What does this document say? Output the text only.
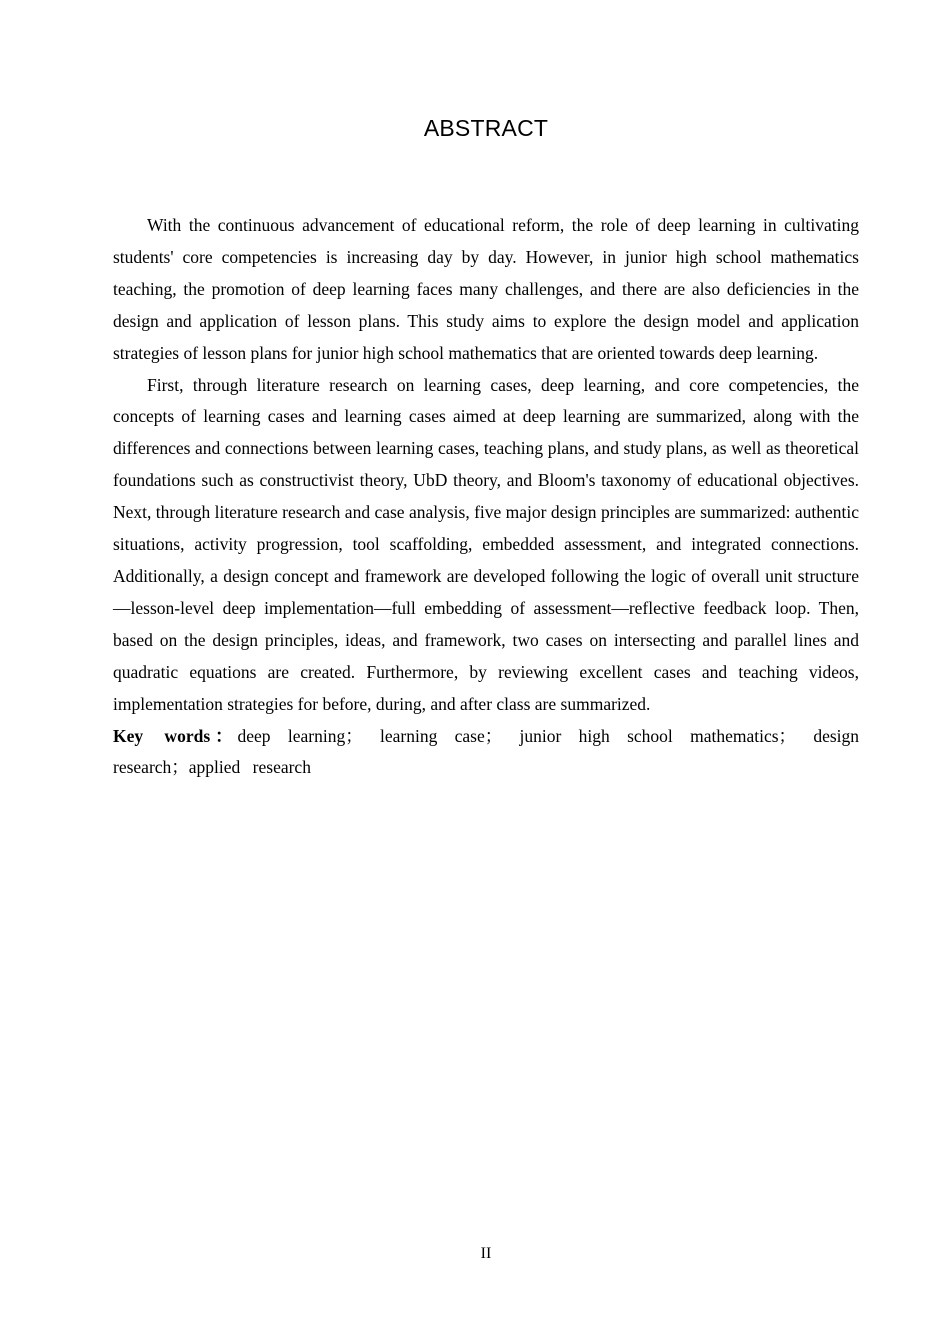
ABSTRACT

With the continuous advancement of educational reform, the role of deep learning in cultivating students' core competencies is increasing day by day. However, in junior high school mathematics teaching, the promotion of deep learning faces many challenges, and there are also deficiencies in the design and application of lesson plans. This study aims to explore the design model and application strategies of lesson plans for junior high school mathematics that are oriented towards deep learning.

First, through literature research on learning cases, deep learning, and core competencies, the concepts of learning cases and learning cases aimed at deep learning are summarized, along with the differences and connections between learning cases, teaching plans, and study plans, as well as theoretical foundations such as constructivist theory, UbD theory, and Bloom's taxonomy of educational objectives. Next, through literature research and case analysis, five major design principles are summarized: authentic situations, activity progression, tool scaffolding, embedded assessment, and integrated connections. Additionally, a design concept and framework are developed following the logic of overall unit structure—lesson-level deep implementation—full embedding of assessment—reflective feedback loop. Then, based on the design principles, ideas, and framework, two cases on intersecting and parallel lines and quadratic equations are created. Furthermore, by reviewing excellent cases and teaching videos, implementation strategies for before, during, and after class are summarized.

Key words：deep learning； learning case； junior high school mathematics； design research；applied research

II
